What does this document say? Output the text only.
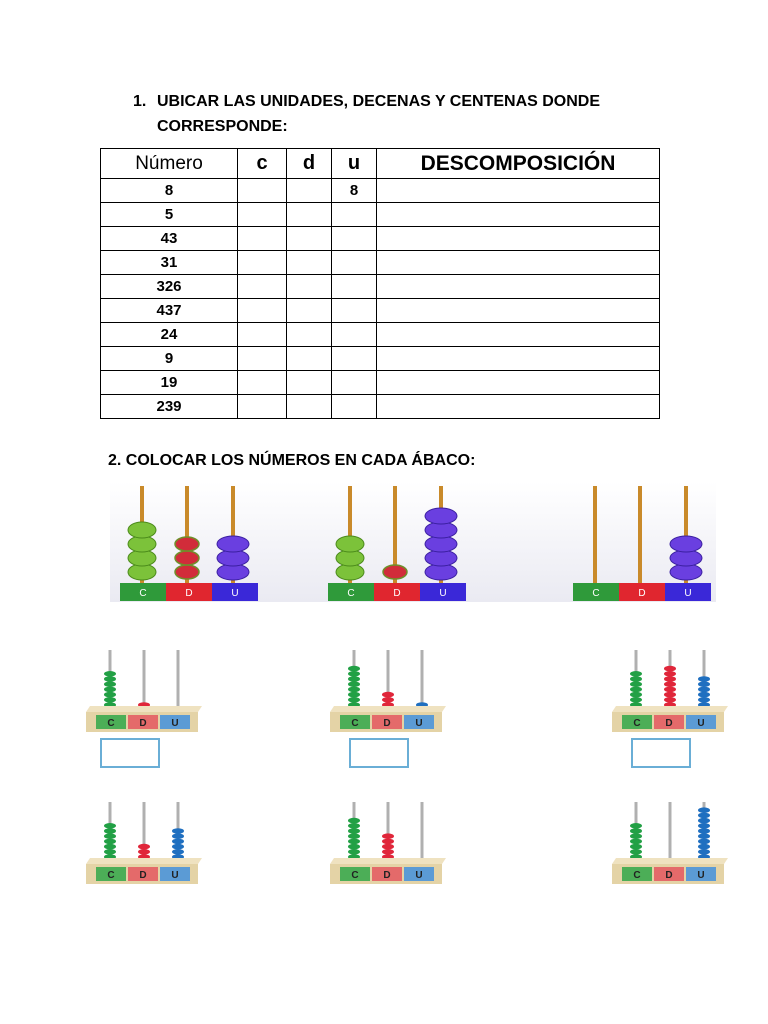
1. UBICAR LAS UNIDADES, DECENAS Y CENTENAS DONDE CORRESPONDE:
Número	c	d	u	DESCOMPOSICIÓN
8			8	
5				
43				
31				
326				
437				
24				
9				
19				
239				
2. COLOCAR LOS NÚMEROS EN CADA ÁBACO:
C	D	U	C	D	U	C	D	U
C D U	C D U	C D U
C D U	C D U	C D U
